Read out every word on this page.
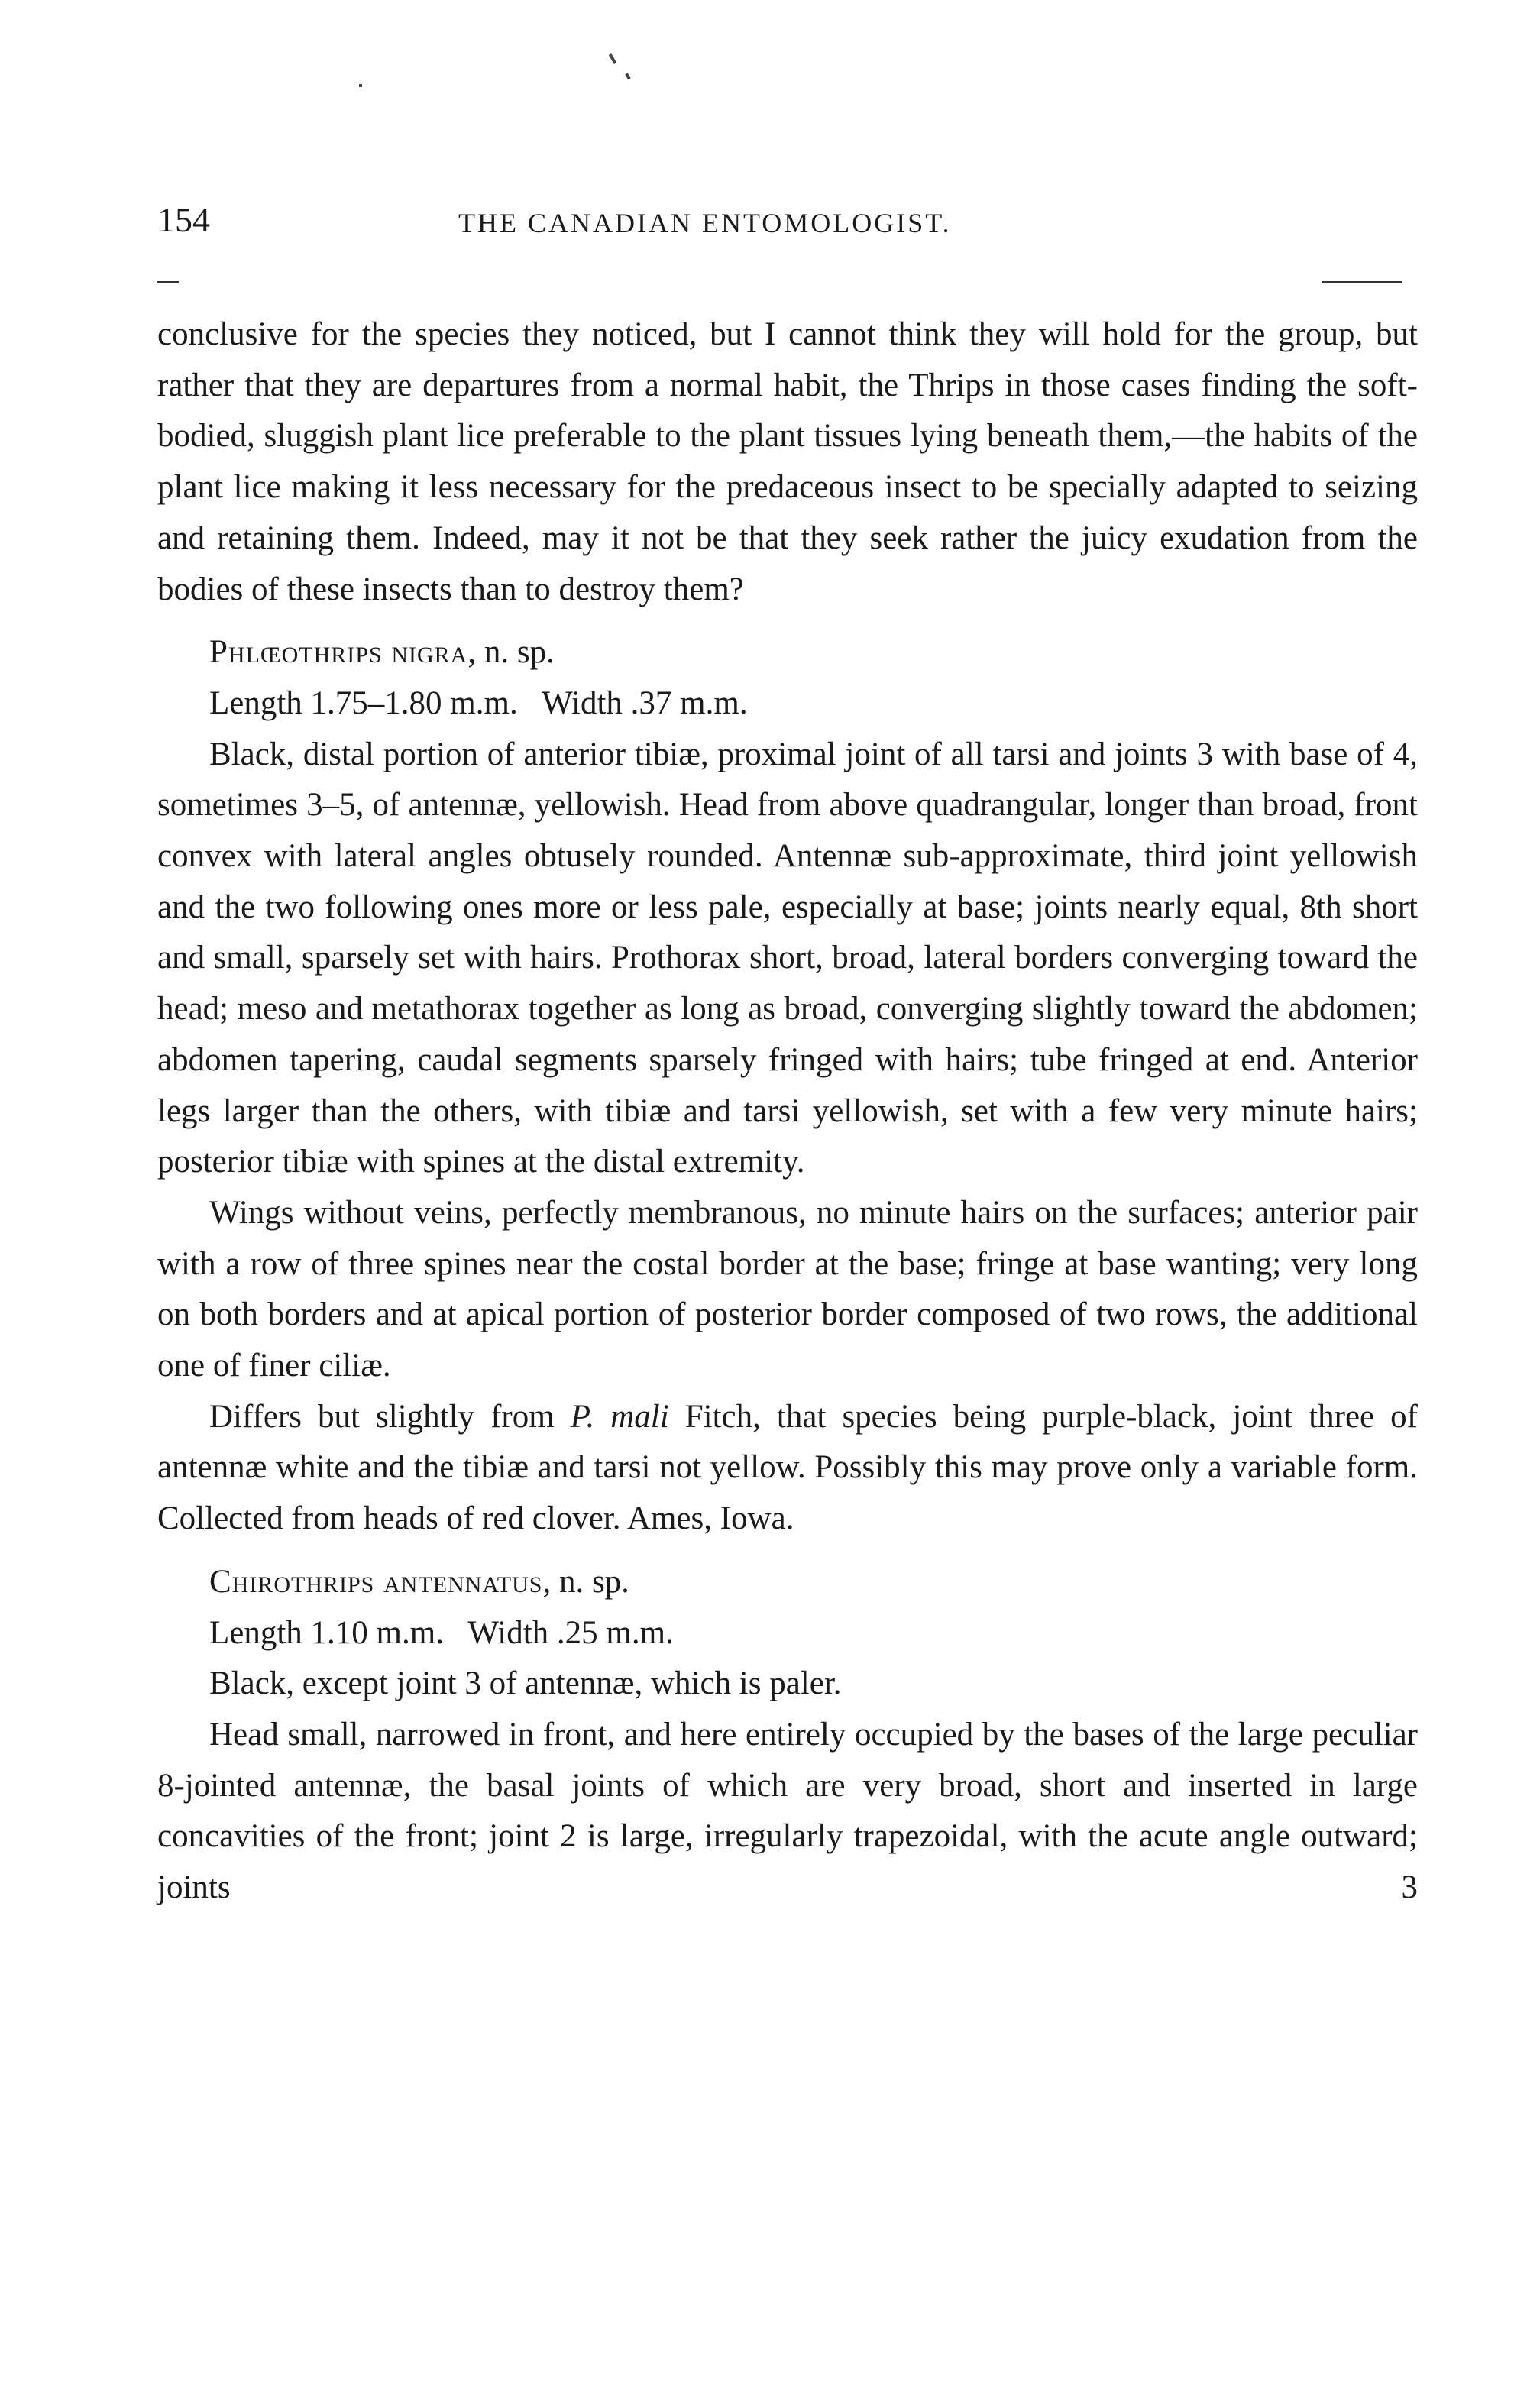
154	THE CANADIAN ENTOMOLOGIST.

conclusive for the species they noticed, but I cannot think they will hold for the group, but rather that they are departures from a normal habit, the Thrips in those cases finding the soft-bodied, sluggish plant lice preferable to the plant tissues lying beneath them,—the habits of the plant lice making it less necessary for the predaceous insect to be specially adapted to seizing and retaining them. Indeed, may it not be that they seek rather the juicy exudation from the bodies of these insects than to destroy them?

Phlœothrips nigra, n. sp.

Length 1.75–1.80 m.m.   Width .37 m.m.

Black, distal portion of anterior tibiæ, proximal joint of all tarsi and joints 3 with base of 4, sometimes 3–5, of antennæ, yellowish. Head from above quadrangular, longer than broad, front convex with lateral angles obtusely rounded. Antennæ sub-approximate, third joint yellowish and the two following ones more or less pale, especially at base; joints nearly equal, 8th short and small, sparsely set with hairs. Prothorax short, broad, lateral borders converging toward the head; meso and metathorax together as long as broad, converging slightly toward the abdomen; abdomen tapering, caudal segments sparsely fringed with hairs; tube fringed at end. Anterior legs larger than the others, with tibiæ and tarsi yellowish, set with a few very minute hairs; posterior tibiæ with spines at the distal extremity.

Wings without veins, perfectly membranous, no minute hairs on the surfaces; anterior pair with a row of three spines near the costal border at the base; fringe at base wanting; very long on both borders and at apical portion of posterior border composed of two rows, the additional one of finer ciliæ.

Differs but slightly from P. mali Fitch, that species being purple-black, joint three of antennæ white and the tibiæ and tarsi not yellow. Possibly this may prove only a variable form. Collected from heads of red clover. Ames, Iowa.

Chirothrips antennatus, n. sp.

Length 1.10 m.m.   Width .25 m.m.

Black, except joint 3 of antennæ, which is paler.

Head small, narrowed in front, and here entirely occupied by the bases of the large peculiar 8-jointed antennæ, the basal joints of which are very broad, short and inserted in large concavities of the front; joint 2 is large, irregularly trapezoidal, with the acute angle outward; joints 3
